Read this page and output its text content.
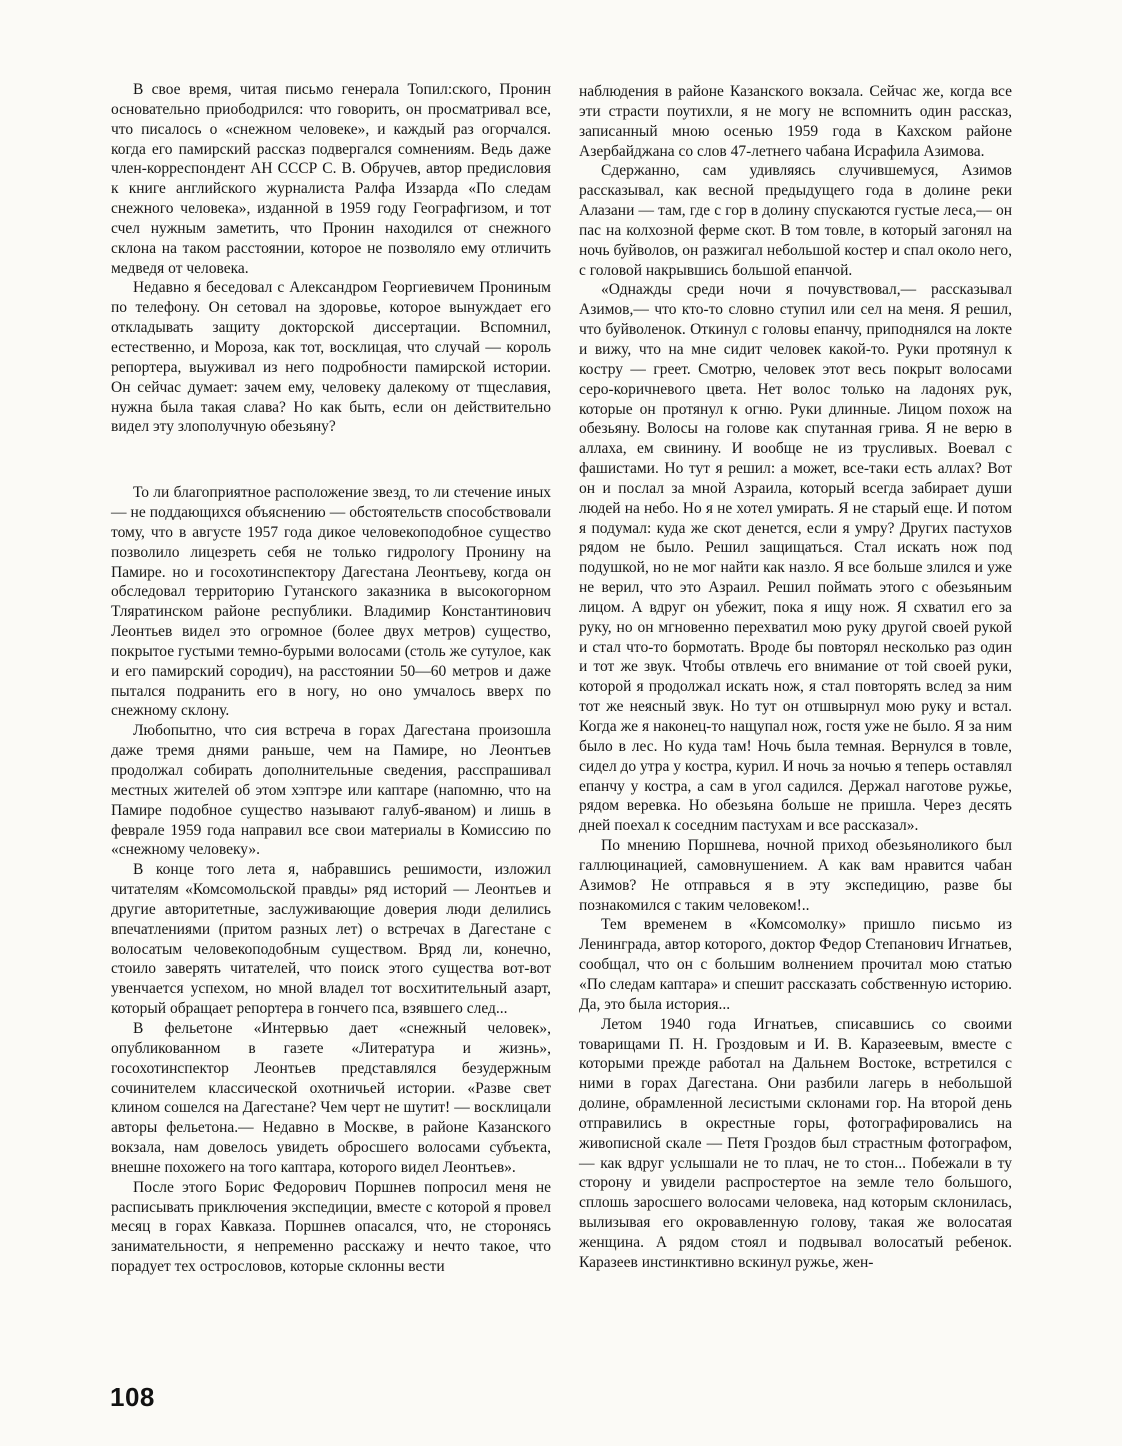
В свое время, читая письмо генерала Топил:ского, Пронин основательно приободрился: что говорить, он просматривал все, что писалось о «снежном человеке», и каждый раз огорчался. когда его памирский рассказ подвергался сомнениям. Ведь даже член-корреспондент АН СССР С. В. Обручев, автор предисловия к книге английского журналиста Ралфа Иззарда «По следам снежного человека», изданной в 1959 году Географгизом, и тот счел нужным заметить, что Пронин находился от снежного склона на таком расстоянии, которое не позволяло ему отличить медведя от человека.

Недавно я беседовал с Александром Георгиевичем Прониным по телефону. Он сетовал на здоровье, которое вынуждает его откладывать защиту докторской диссертации. Вспомнил, естественно, и Мороза, как тот, восклицая, что случай — король репортера, выуживал из него подробности памирской истории. Он сейчас думает: зачем ему, человеку далекому от тщеславия, нужна была такая слава? Но как быть, если он действительно видел эту злополучную обезьяну?

То ли благоприятное расположение звезд, то ли стечение иных — не поддающихся объяснению — обстоятельств способствовали тому, что в августе 1957 года дикое человекоподобное существо позволило лицезреть себя не только гидрологу Пронину на Памире. но и госохотинспектору Дагестана Леонтьеву, когда он обследовал территорию Гутанского заказника в высокогорном Тляратинском районе республики. Владимир Константинович Леонтьев видел это огромное (более двух метров) существо, покрытое густыми темно-бурыми волосами (столь же сутулое, как и его памирский сородич), на расстоянии 50—60 метров и даже пытался подранить его в ногу, но оно умчалось вверх по снежному склону.

Любопытно, что сия встреча в горах Дагестана произошла даже тремя днями раньше, чем на Памире, но Леонтьев продолжал собирать дополнительные сведения, расспрашивал местных жителей об этом хэптэре или каптаре (напомню, что на Памире подобное существо называют галуб-яваном) и лишь в феврале 1959 года направил все свои материалы в Комиссию по «снежному человеку».

В конце того лета я, набравшись решимости, изложил читателям «Комсомольской правды» ряд историй — Леонтьев и другие авторитетные, заслуживающие доверия люди делились впечатлениями (притом разных лет) о встречах в Дагестане с волосатым человекоподобным существом. Вряд ли, конечно, стоило заверять читателей, что поиск этого существа вот-вот увенчается успехом, но мной владел тот восхитительный азарт, который обращает репортера в гончего пса, взявшего след...

В фельетоне «Интервью дает «снежный человек», опубликованном в газете «Литература и жизнь», госохотинспектор Леонтьев представлялся безудержным сочинителем классической охотничьей истории. «Разве свет клином сошелся на Дагестане? Чем черт не шутит! — восклицали авторы фельетона.— Недавно в Москве, в районе Казанского вокзала, нам довелось увидеть обросшего волосами субъекта, внешне похожего на того каптара, которого видел Леонтьев».

После этого Борис Федорович Поршнев попросил меня не расписывать приключения экспедиции, вместе с которой я провел месяц в горах Кавказа. Поршнев опасался, что, не сторонясь занимательности, я непременно расскажу и нечто такое, что порадует тех острословов, которые склонны вести

наблюдения в районе Казанского вокзала. Сейчас же, когда все эти страсти поутихли, я не могу не вспомнить один рассказ, записанный мною осенью 1959 года в Кахском районе Азербайджана со слов 47-летнего чабана Исрафила Азимова.

Сдержанно, сам удивляясь случившемуся, Азимов рассказывал, как весной предыдущего года в долине реки Алазани — там, где с гор в долину спускаются густые леса,— он пас на колхозной ферме скот. В том товле, в который загонял на ночь буйволов, он разжигал небольшой костер и спал около него, с головой накрывшись большой епанчой.

«Однажды среди ночи я почувствовал,— рассказывал Азимов,— что кто-то словно ступил или сел на меня. Я решил, что буйволенок. Откинул с головы епанчу, приподнялся на локте и вижу, что на мне сидит человек какой-то. Руки протянул к костру — греет. Смотрю, человек этот весь покрыт волосами серо-коричневого цвета. Нет волос только на ладонях рук, которые он протянул к огню. Руки длинные. Лицом похож на обезьяну. Волосы на голове как спутанная грива. Я не верю в аллаха, ем свинину. И вообще не из трусливых. Воевал с фашистами. Но тут я решил: а может, все-таки есть аллах? Вот он и послал за мной Азраила, который всегда забирает души людей на небо. Но я не хотел умирать. Я не старый еще. И потом я подумал: куда же скот денется, если я умру? Других пастухов рядом не было. Решил защищаться. Стал искать нож под подушкой, но не мог найти как назло. Я все больше злился и уже не верил, что это Азраил. Решил поймать этого с обезьяньим лицом. А вдруг он убежит, пока я ищу нож. Я схватил его за руку, но он мгновенно перехватил мою руку другой своей рукой и стал что-то бормотать. Вроде бы повторял несколько раз один и тот же звук. Чтобы отвлечь его внимание от той своей руки, которой я продолжал искать нож, я стал повторять вслед за ним тот же неясный звук. Но тут он отшвырнул мою руку и встал. Когда же я наконец-то нащупал нож, гостя уже не было. Я за ним было в лес. Но куда там! Ночь была темная. Вернулся в товле, сидел до утра у костра, курил. И ночь за ночью я теперь оставлял епанчу у костра, а сам в угол садился. Держал наготове ружье, рядом веревка. Но обезьяна больше не пришла. Через десять дней поехал к соседним пастухам и все рассказал».

По мнению Поршнева, ночной приход обезьяноликого был галлюцинацией, самовнушением. А как вам нравится чабан Азимов? Не отправься я в эту экспедицию, разве бы познакомился с таким человеком!..

Тем временем в «Комсомолку» пришло письмо из Ленинграда, автор которого, доктор Федор Степанович Игнатьев, сообщал, что он с большим волнением прочитал мою статью «По следам каптара» и спешит рассказать собственную историю. Да, это была история...

Летом 1940 года Игнатьев, списавшись со своими товарищами П. Н. Гроздовым и И. В. Каразеевым, вместе с которыми прежде работал на Дальнем Востоке, встретился с ними в горах Дагестана. Они разбили лагерь в небольшой долине, обрамленной лесистыми склонами гор. На второй день отправились в окрестные горы, фотографировались на живописной скале — Петя Гроздов был страстным фотографом,— как вдруг услышали не то плач, не то стон... Побежали в ту сторону и увидели распростертое на земле тело большого, сплошь заросшего волосами человека, над которым склонилась, вылизывая его окровавленную голову, такая же волосатая женщина. А рядом стоял и подвывал волосатый ребенок. Каразеев инстинктивно вскинул ружье, жен-

108
